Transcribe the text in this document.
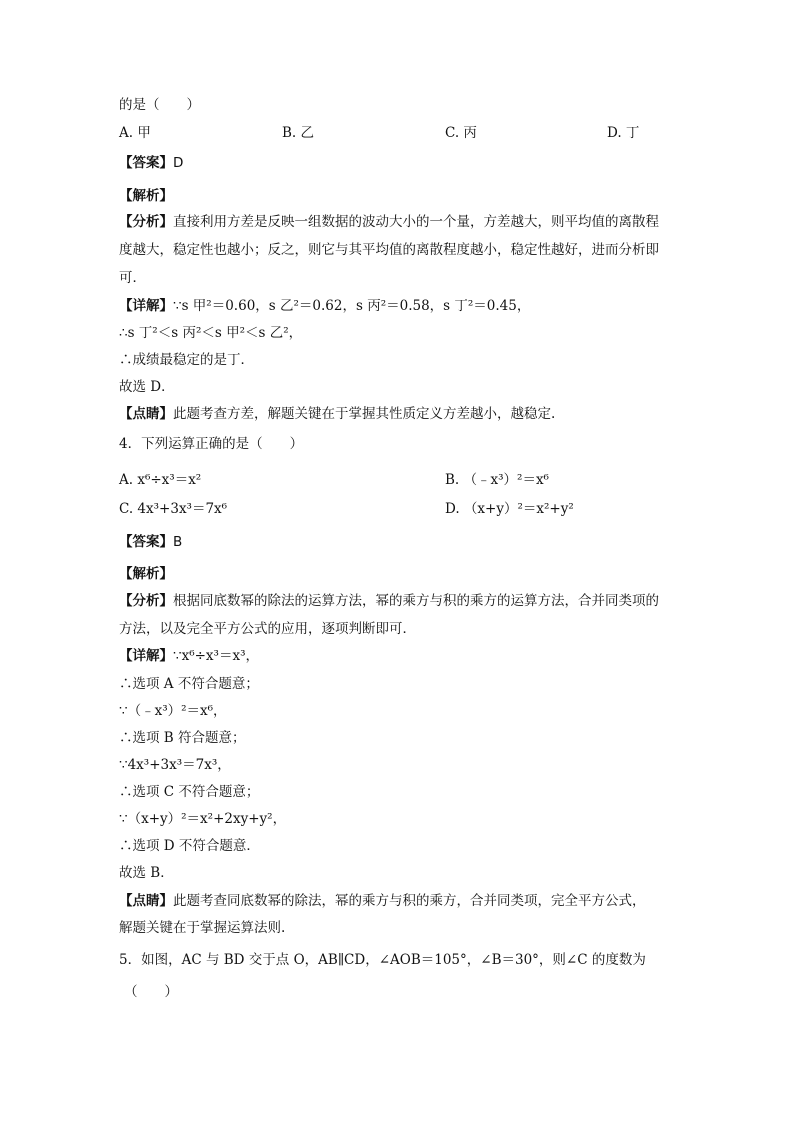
的是（　　）
A. 甲	B. 乙	C. 丙	D. 丁
【答案】D
【解析】
【分析】直接利用方差是反映一组数据的波动大小的一个量，方差越大，则平均值的离散程
度越大，稳定性也越小；反之，则它与其平均值的离散程度越小，稳定性越好，进而分析即
可．
【详解】∵s 甲²＝0.60，s 乙²＝0.62，s 丙²＝0.58，s 丁²＝0.45，
∴s 丁²＜s 丙²＜s 甲²＜s 乙²，
∴成绩最稳定的是丁．
故选 D．
【点睛】此题考查方差，解题关键在于掌握其性质定义方差越小，越稳定.
4．下列运算正确的是（　　）
A. x⁶÷x³＝x²	B. （﹣x³）²＝x⁶
C. 4x³+3x³＝7x⁶	D. （x+y）²＝x²+y²
【答案】B
【解析】
【分析】根据同底数幂的除法的运算方法，幂的乘方与积的乘方的运算方法，合并同类项的
方法，以及完全平方公式的应用，逐项判断即可．
【详解】∵x⁶÷x³＝x³，
∴选项 A 不符合题意；
∵（﹣x³）²＝x⁶，
∴选项 B 符合题意；
∵4x³+3x³＝7x³，
∴选项 C 不符合题意；
∵（x+y）²＝x²+2xy+y²，
∴选项 D 不符合题意．
故选 B．
【点睛】此题考查同底数幂的除法，幂的乘方与积的乘方，合并同类项，完全平方公式，
解题关键在于掌握运算法则.
5．如图，AC 与 BD 交于点 O，AB∥CD，∠AOB＝105°，∠B＝30°，则∠C 的度数为
（　　）
